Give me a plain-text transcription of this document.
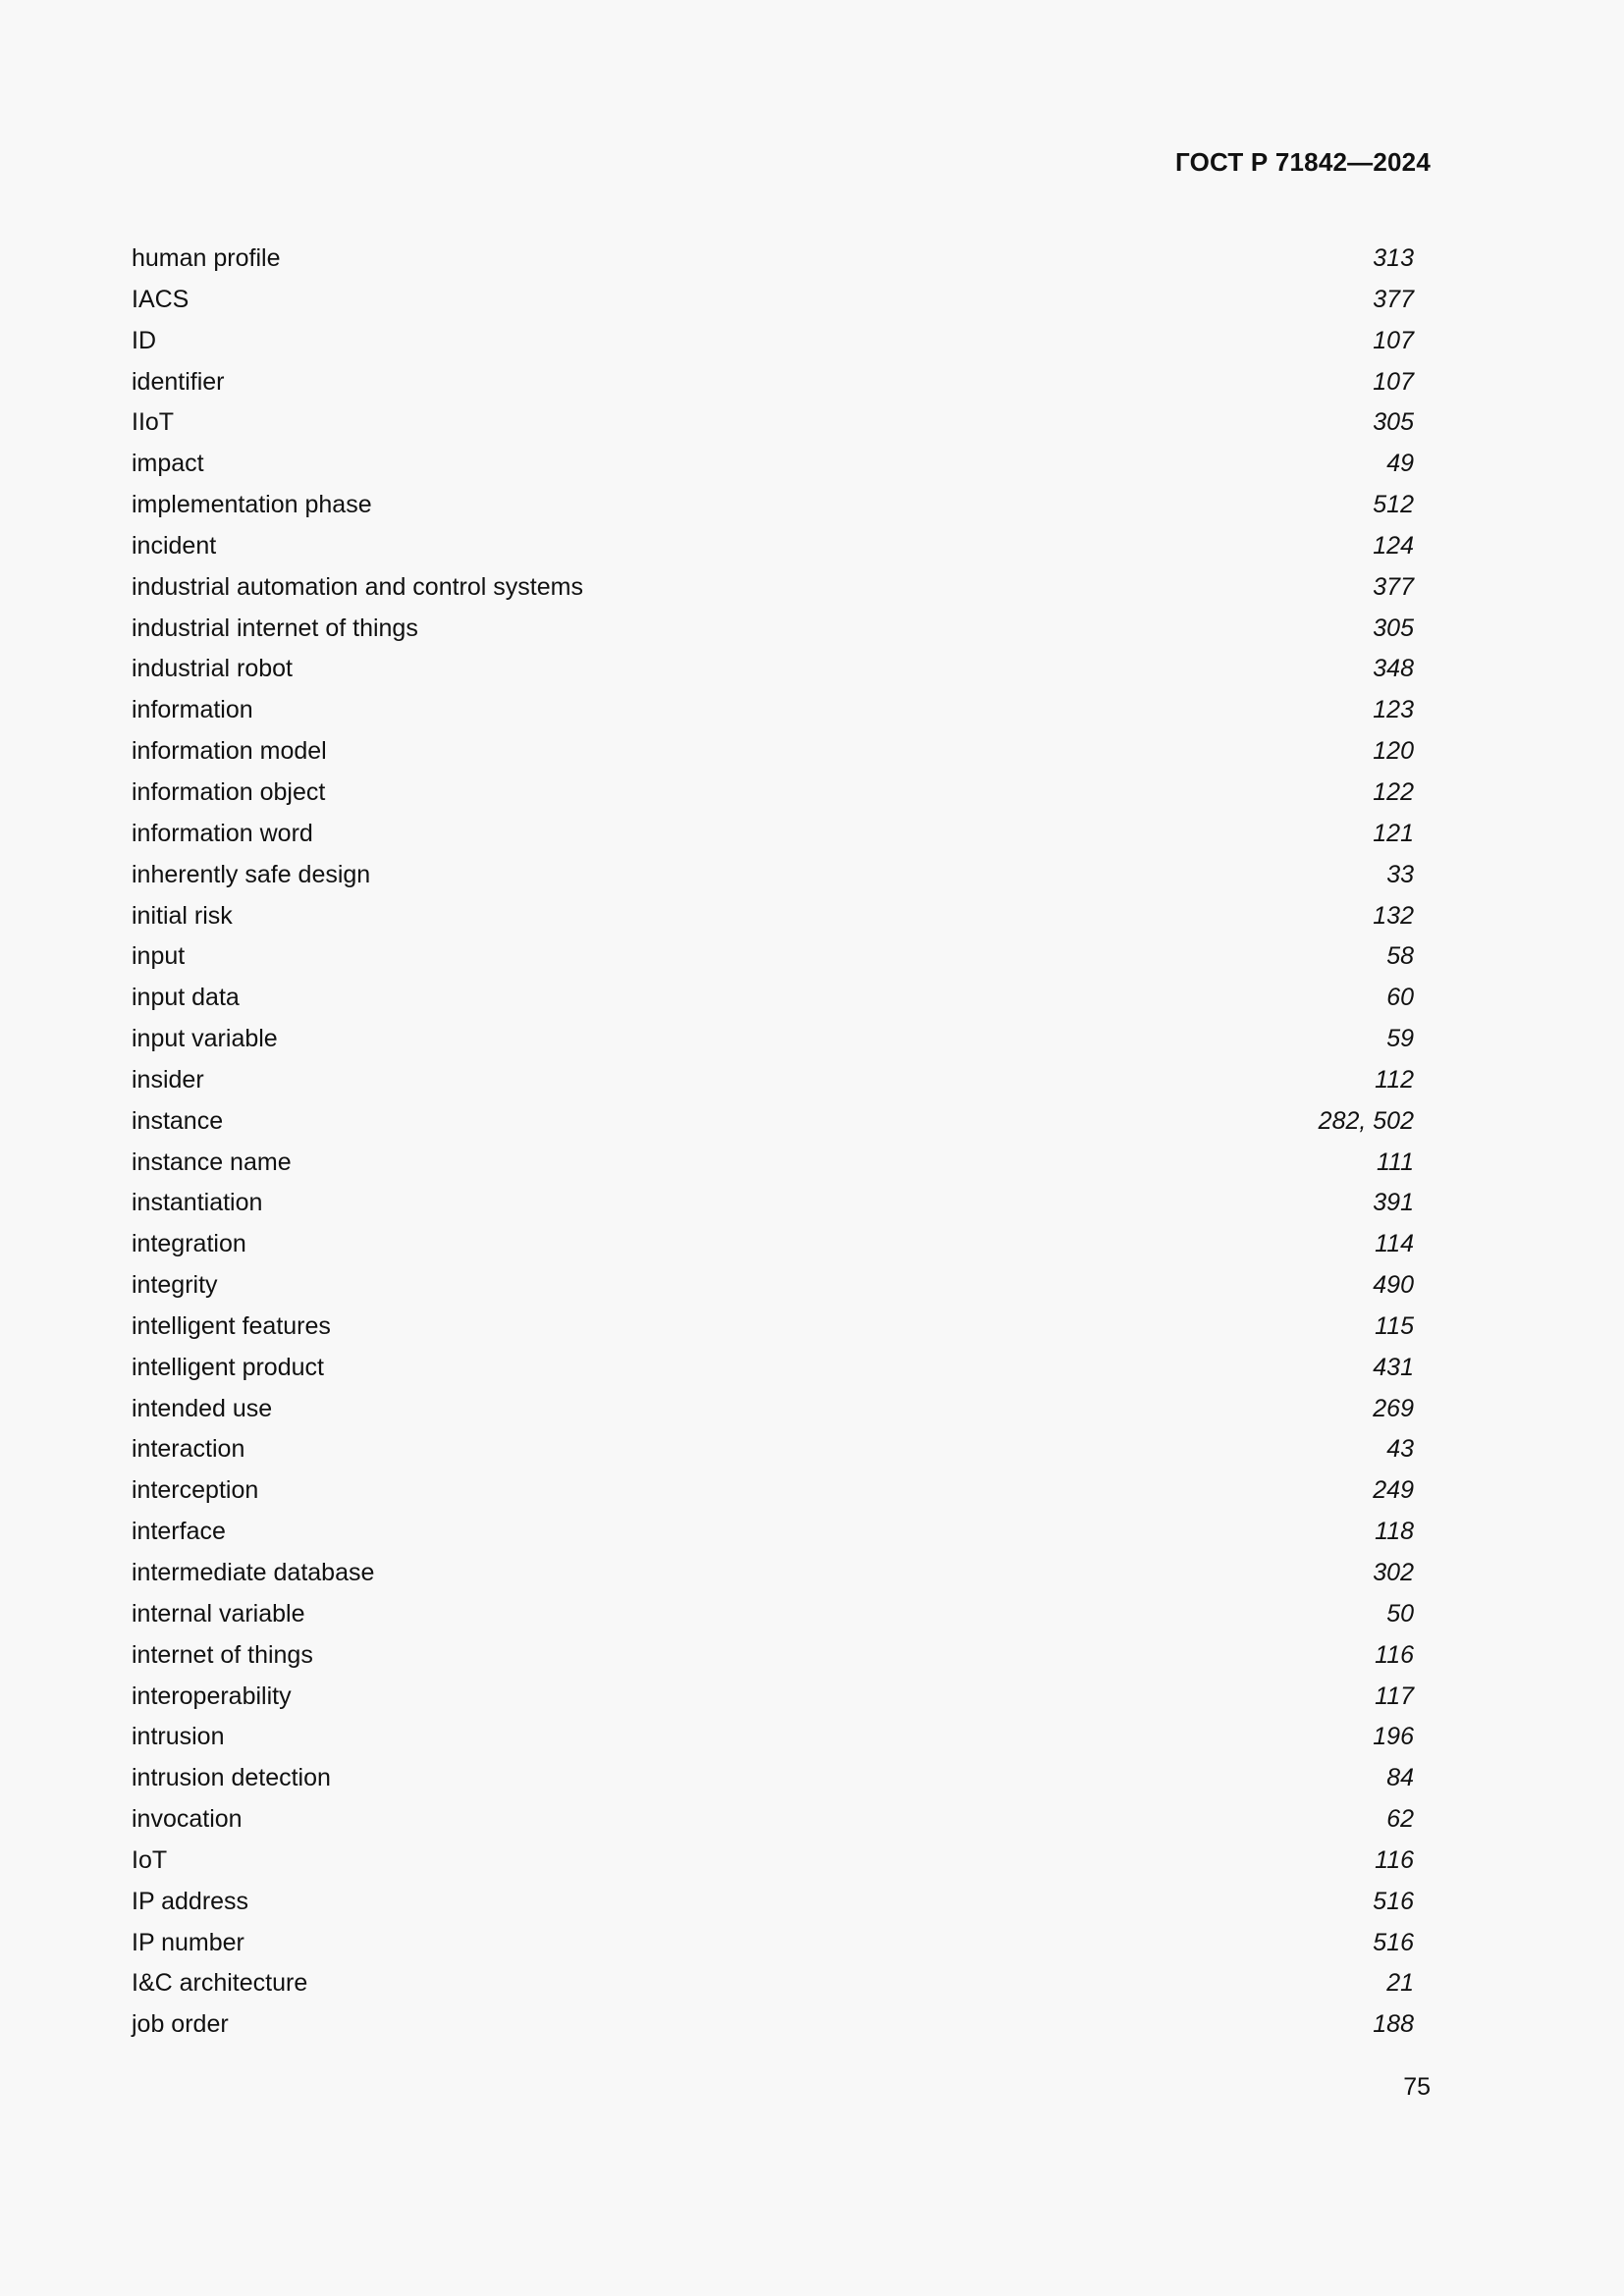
ГОСТ Р 71842—2024
human profile	313
IACS	377
ID	107
identifier	107
IIoT	305
impact	49
implementation phase	512
incident	124
industrial automation and control systems	377
industrial internet of things	305
industrial robot	348
information	123
information model	120
information object	122
information word	121
inherently safe design	33
initial risk	132
input	58
input data	60
input variable	59
insider	112
instance	282, 502
instance name	111
instantiation	391
integration	114
integrity	490
intelligent features	115
intelligent product	431
intended use	269
interaction	43
interception	249
interface	118
intermediate database	302
internal variable	50
internet of things	116
interoperability	117
intrusion	196
intrusion detection	84
invocation	62
IoT	116
IP address	516
IP number	516
I&C architecture	21
job order	188
75
